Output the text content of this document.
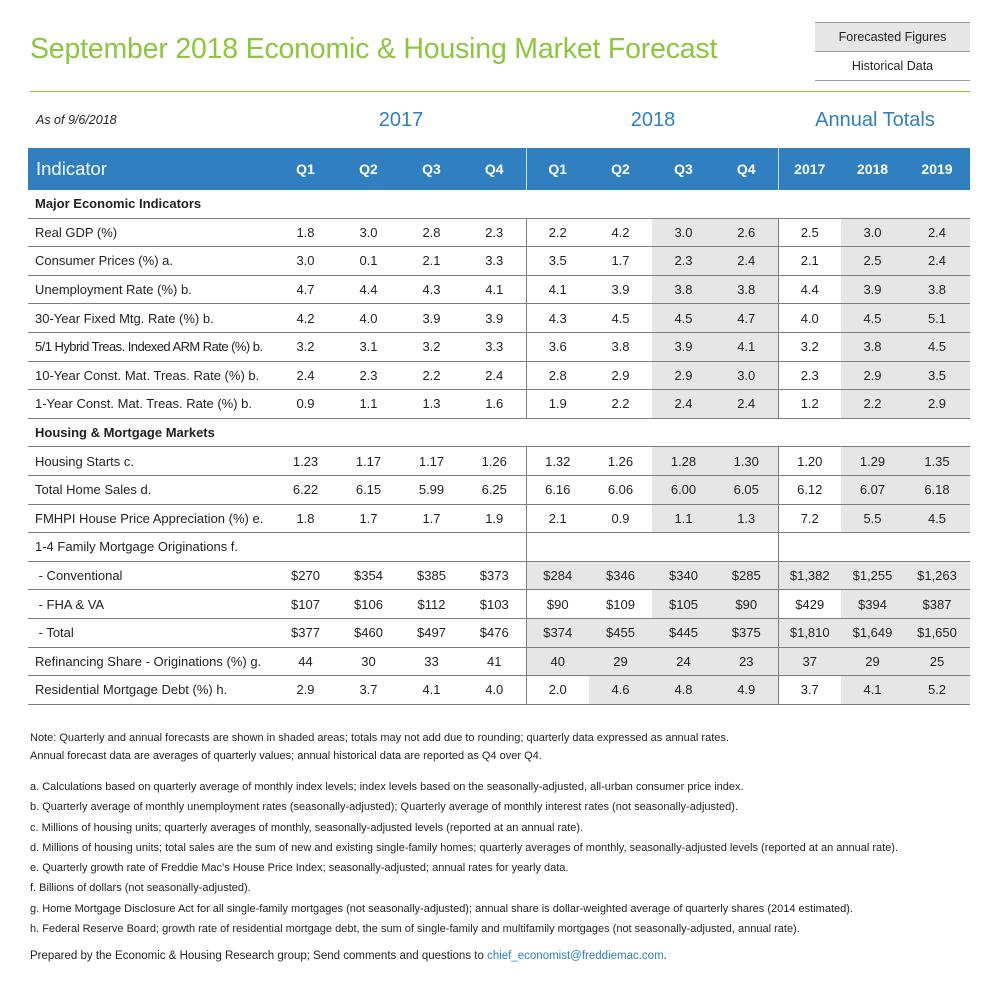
September 2018 Economic & Housing Market Forecast	Forecasted Figures
Historical Data
As of 9/6/2018	2017	2018	Annual Totals
Indicator	Q1	Q2	Q3	Q4	Q1	Q2	Q3	Q4	2017	2018	2019
Major Economic Indicators											
Real GDP (%)	1.8	3.0	2.8	2.3	2.2	4.2	3.0	2.6	2.5	3.0	2.4
Consumer Prices (%) a.	3.0	0.1	2.1	3.3	3.5	1.7	2.3	2.4	2.1	2.5	2.4
Unemployment Rate (%) b.	4.7	4.4	4.3	4.1	4.1	3.9	3.8	3.8	4.4	3.9	3.8
30-Year Fixed Mtg. Rate (%) b.	4.2	4.0	3.9	3.9	4.3	4.5	4.5	4.7	4.0	4.5	5.1
5/1 Hybrid Treas. Indexed ARM Rate (%) b.	3.2	3.1	3.2	3.3	3.6	3.8	3.9	4.1	3.2	3.8	4.5
10-Year Const. Mat. Treas. Rate (%) b.	2.4	2.3	2.2	2.4	2.8	2.9	2.9	3.0	2.3	2.9	3.5
1-Year Const. Mat. Treas. Rate (%) b.	0.9	1.1	1.3	1.6	1.9	2.2	2.4	2.4	1.2	2.2	2.9
Housing & Mortgage Markets											
Housing Starts c.	1.23	1.17	1.17	1.26	1.32	1.26	1.28	1.30	1.20	1.29	1.35
Total Home Sales d.	6.22	6.15	5.99	6.25	6.16	6.06	6.00	6.05	6.12	6.07	6.18
FMHPI House Price Appreciation (%) e.	1.8	1.7	1.7	1.9	2.1	0.9	1.1	1.3	7.2	5.5	4.5
1-4 Family Mortgage Originations f.											
- Conventional	$270	$354	$385	$373	$284	$346	$340	$285	$1,382	$1,255	$1,263
- FHA & VA	$107	$106	$112	$103	$90	$109	$105	$90	$429	$394	$387
- Total	$377	$460	$497	$476	$374	$455	$445	$375	$1,810	$1,649	$1,650
Refinancing Share - Originations (%) g.	44	30	33	41	40	29	24	23	37	29	25
Residential Mortgage Debt (%) h.	2.9	3.7	4.1	4.0	2.0	4.6	4.8	4.9	3.7	4.1	5.2

Note: Quarterly and annual forecasts are shown in shaded areas; totals may not add due to rounding; quarterly data expressed as annual rates.

Annual forecast data are averages of quarterly values; annual historical data are reported as Q4 over Q4.

a. Calculations based on quarterly average of monthly index levels; index levels based on the seasonally-adjusted, all-urban consumer price index.

b. Quarterly average of monthly unemployment rates (seasonally-adjusted); Quarterly average of monthly interest rates (not seasonally-adjusted).

c. Millions of housing units; quarterly averages of monthly, seasonally-adjusted levels (reported at an annual rate).

d. Millions of housing units; total sales are the sum of new and existing single-family homes; quarterly averages of monthly, seasonally-adjusted levels (reported at an annual rate).

e. Quarterly growth rate of Freddie Mac’s House Price Index; seasonally-adjusted; annual rates for yearly data.

f. Billions of dollars (not seasonally-adjusted).

g. Home Mortgage Disclosure Act for all single-family mortgages (not seasonally-adjusted); annual share is dollar-weighted average of quarterly shares (2014 estimated).

h. Federal Reserve Board; growth rate of residential mortgage debt, the sum of single-family and multifamily mortgages (not seasonally-adjusted, annual rate).

Prepared by the Economic & Housing Research group; Send comments and questions to chief_economist@freddiemac.com.
